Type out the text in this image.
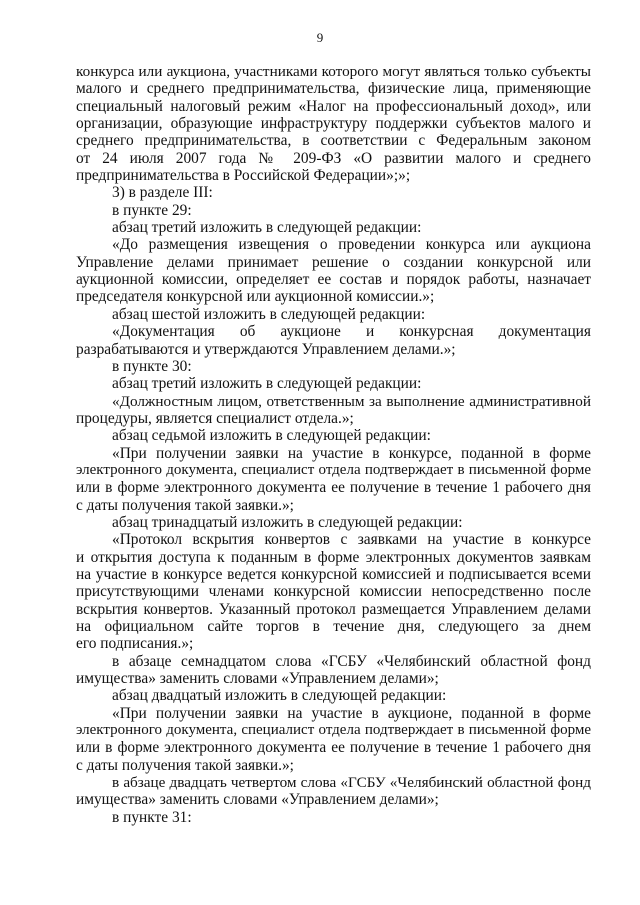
9
конкурса или аукциона, участниками которого могут являться только субъекты
малого и среднего предпринимательства, физические лица, применяющие
специальный налоговый режим «Налог на профессиональный доход», или
организации, образующие инфраструктуру поддержки субъектов малого и
среднего предпринимательства, в соответствии с Федеральным законом
от 24 июля 2007 года № 209-ФЗ «О развитии малого и среднего
предпринимательства в Российской Федерации»;»;
3) в разделе III:
в пункте 29:
абзац третий изложить в следующей редакции:
«До размещения извещения о проведении конкурса или аукциона
Управление делами принимает решение о создании конкурсной или
аукционной комиссии, определяет ее состав и порядок работы, назначает
председателя конкурсной или аукционной комиссии.»;
абзац шестой изложить в следующей редакции:
«Документация об аукционе и конкурсная документация
разрабатываются и утверждаются Управлением делами.»;
в пункте 30:
абзац третий изложить в следующей редакции:
«Должностным лицом, ответственным за выполнение административной
процедуры, является специалист отдела.»;
абзац седьмой изложить в следующей редакции:
«При получении заявки на участие в конкурсе, поданной в форме
электронного документа, специалист отдела подтверждает в письменной форме
или в форме электронного документа ее получение в течение 1 рабочего дня
с даты получения такой заявки.»;
абзац тринадцатый изложить в следующей редакции:
«Протокол вскрытия конвертов с заявками на участие в конкурсе
и открытия доступа к поданным в форме электронных документов заявкам
на участие в конкурсе ведется конкурсной комиссией и подписывается всеми
присутствующими членами конкурсной комиссии непосредственно после
вскрытия конвертов. Указанный протокол размещается Управлением делами
на официальном сайте торгов в течение дня, следующего за днем
его подписания.»;
в абзаце семнадцатом слова «ГСБУ «Челябинский областной фонд
имущества» заменить словами «Управлением делами»;
абзац двадцатый изложить в следующей редакции:
«При получении заявки на участие в аукционе, поданной в форме
электронного документа, специалист отдела подтверждает в письменной форме
или в форме электронного документа ее получение в течение 1 рабочего дня
с даты получения такой заявки.»;
в абзаце двадцать четвертом слова «ГСБУ «Челябинский областной фонд
имущества» заменить словами «Управлением делами»;
в пункте 31:
